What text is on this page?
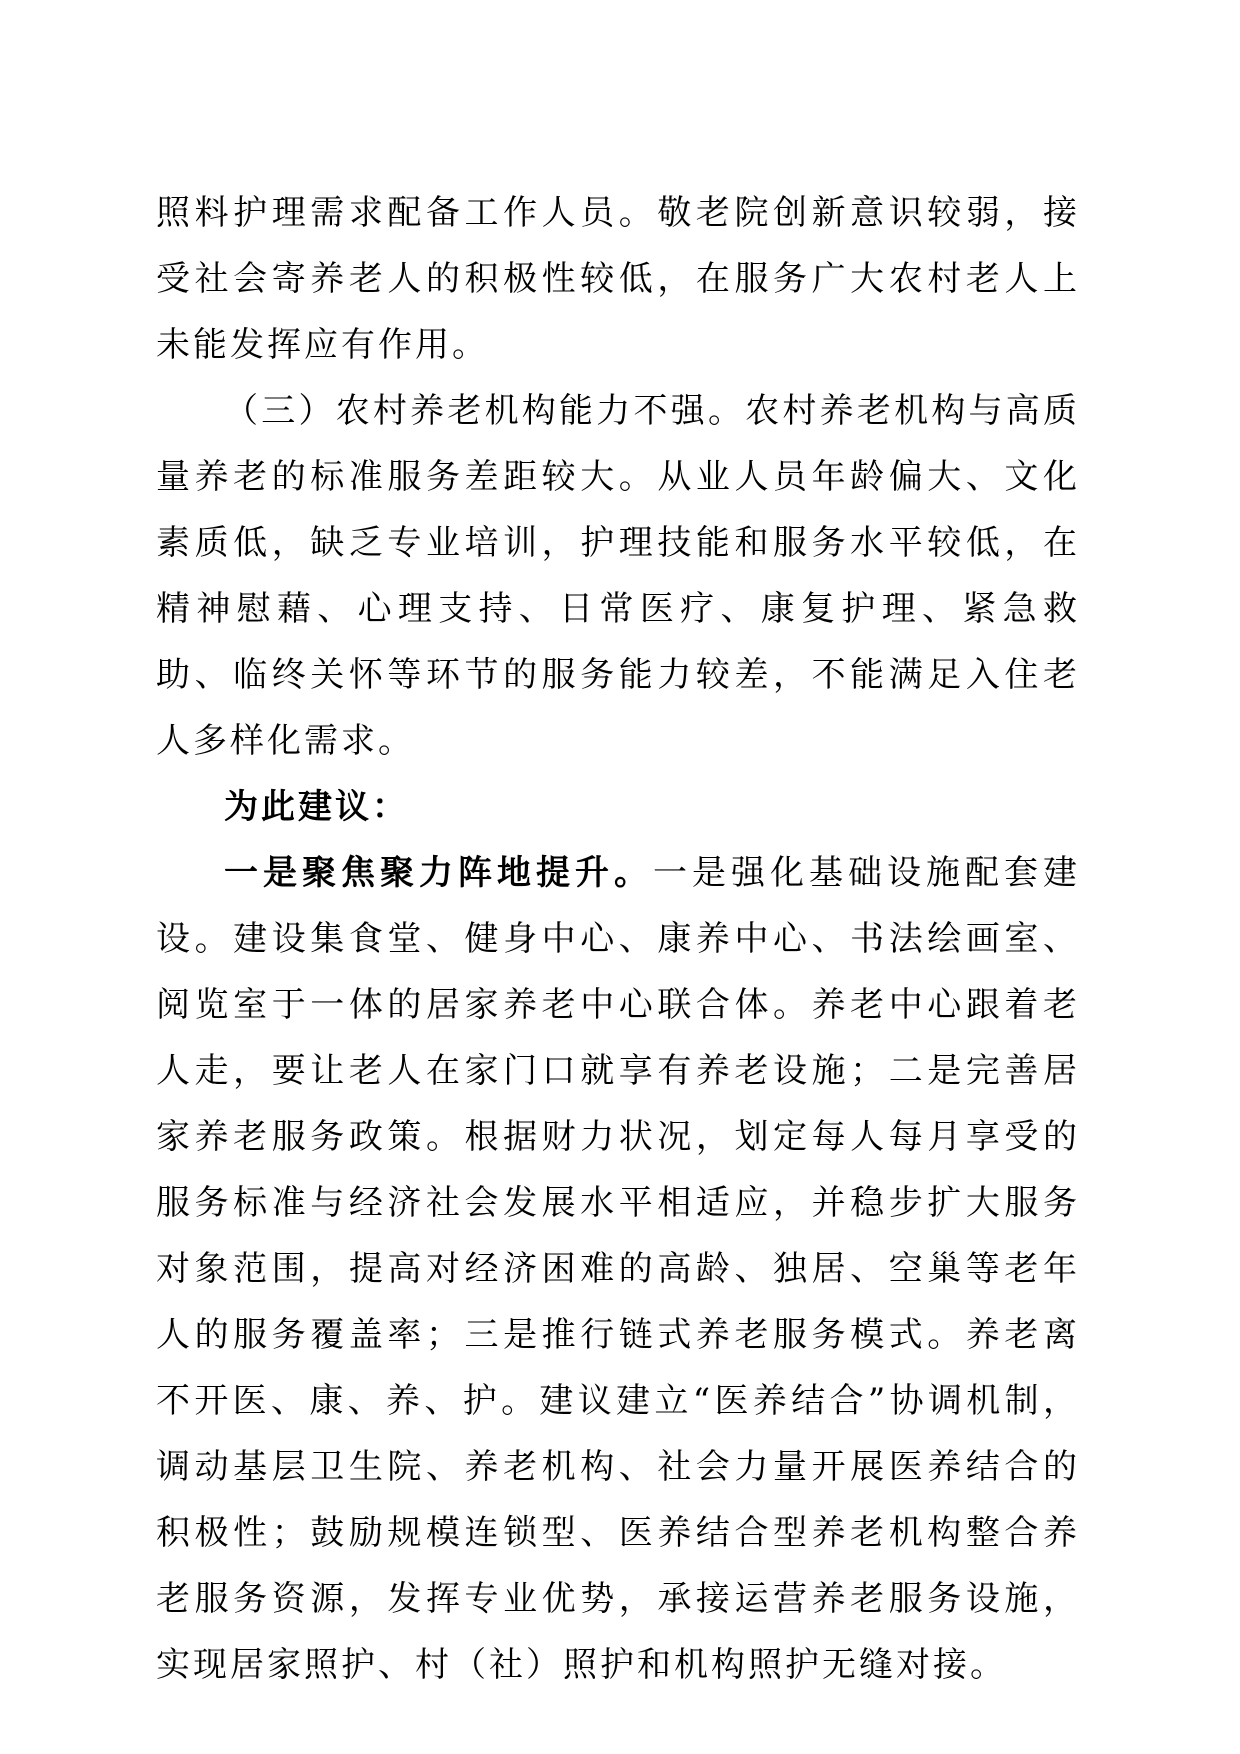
照料护理需求配备工作人员。敬老院创新意识较弱，接受社会寄养老人的积极性较低，在服务广大农村老人上未能发挥应有作用。

（三）农村养老机构能力不强。农村养老机构与高质量养老的标准服务差距较大。从业人员年龄偏大、文化素质低，缺乏专业培训，护理技能和服务水平较低，在精神慰藉、心理支持、日常医疗、康复护理、紧急救助、临终关怀等环节的服务能力较差，不能满足入住老人多样化需求。

为此建议：

一是聚焦聚力阵地提升。一是强化基础设施配套建设。建设集食堂、健身中心、康养中心、书法绘画室、阅览室于一体的居家养老中心联合体。养老中心跟着老人走，要让老人在家门口就享有养老设施；二是完善居家养老服务政策。根据财力状况，划定每人每月享受的服务标准与经济社会发展水平相适应，并稳步扩大服务对象范围，提高对经济困难的高龄、独居、空巢等老年人的服务覆盖率；三是推行链式养老服务模式。养老离不开医、康、养、护。建议建立“医养结合”协调机制，调动基层卫生院、养老机构、社会力量开展医养结合的积极性；鼓励规模连锁型、医养结合型养老机构整合养老服务资源，发挥专业优势，承接运营养老服务设施，实现居家照护、村（社）照护和机构照护无缝对接。
